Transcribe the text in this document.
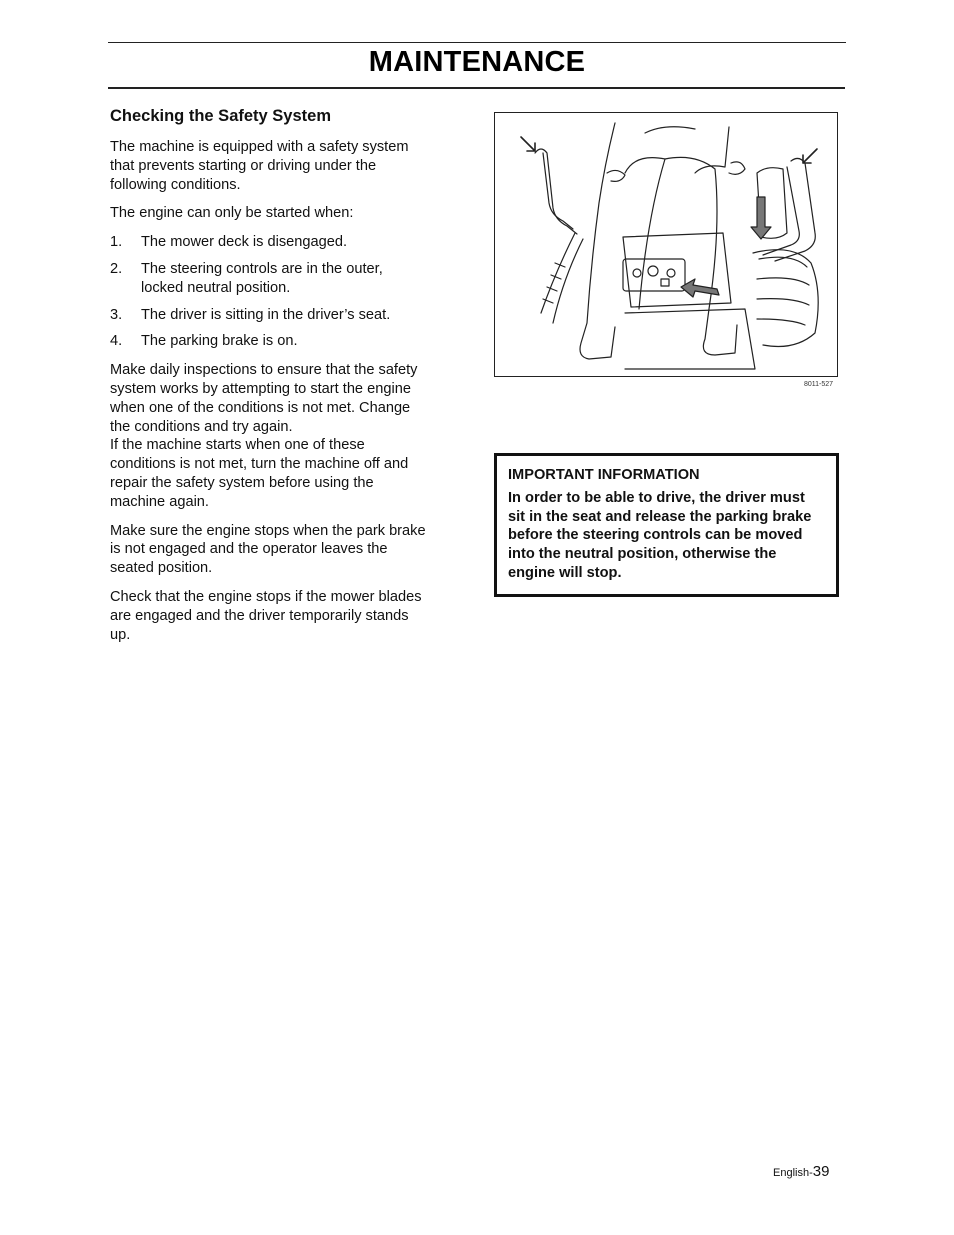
MAINTENANCE
Checking the Safety System

The machine is equipped with a safety system that prevents starting or driving under the following conditions.

The engine can only be started when:

1.	The mower deck is disengaged.
2.	The steering controls are in the outer, locked neutral position.
3.	The driver is sitting in the driver’s seat.
4.	The parking brake is on.

Make daily inspections to ensure that the safety system works by attempting to start the engine when one of the conditions is not met. Change the conditions and try again.

If the machine starts when one of these conditions is not met, turn the machine off and repair the safety system before using the machine again.

Make sure the engine stops when the park brake is not engaged and the operator leaves the seated position.

Check that the engine stops if the mower blades are engaged and the driver temporarily stands up.

8011-527
IMPORTANT INFORMATION

In order to be able to drive, the driver must sit in the seat and release the parking brake before the steering controls can be moved into the neutral position, otherwise the engine will stop.

English-39
